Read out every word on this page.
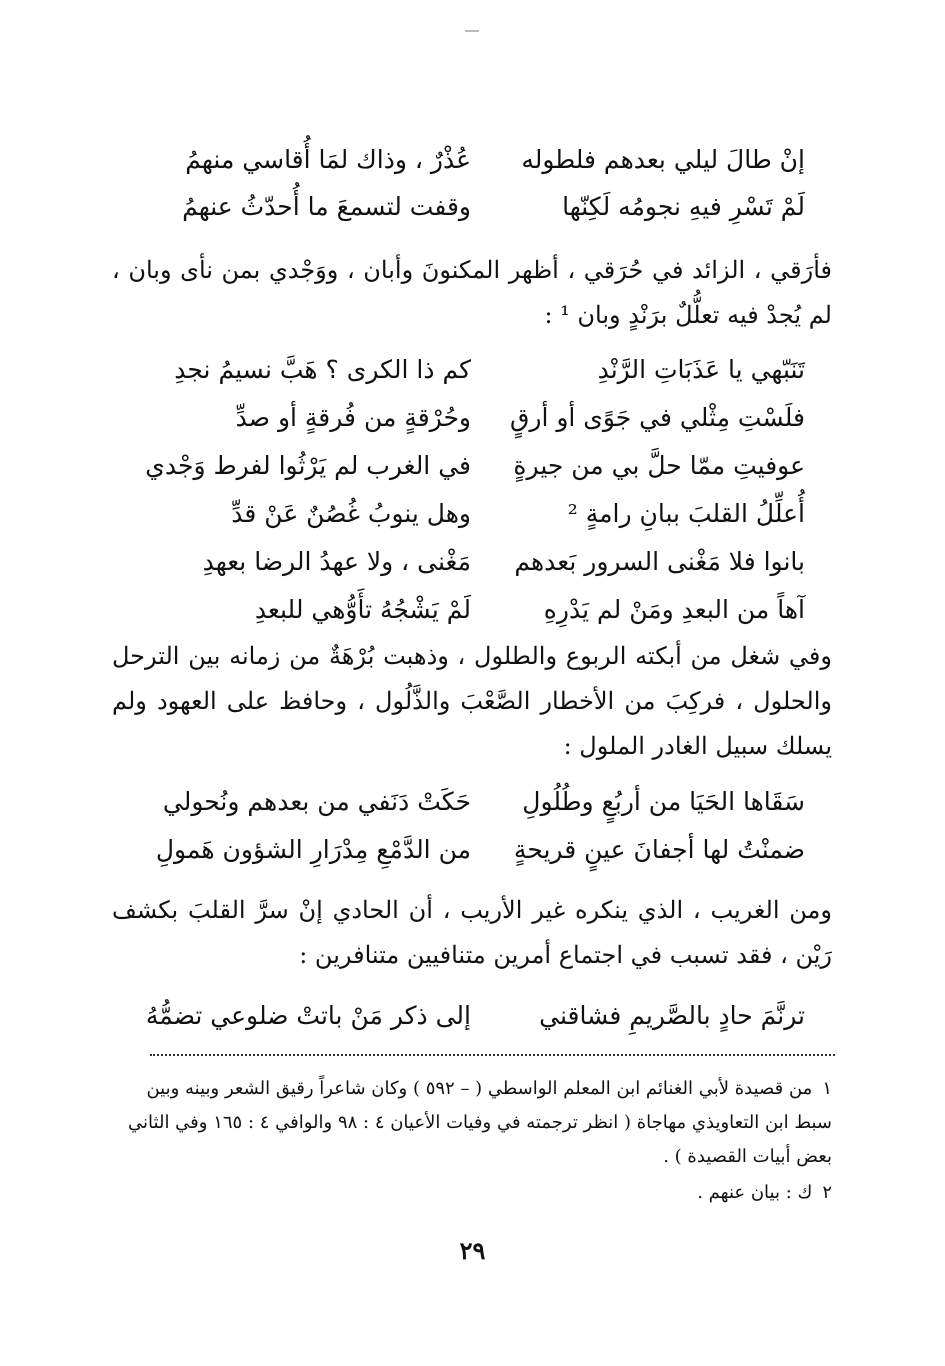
إنْ طالَ ليلي بعدهم فلطوله
عُذْرٌ ، وذاك لمَا أُقاسي منهمُ
لَمْ تَسْرِ فيهِ نجومُه لَكِنّها
وقفت لتسمعَ ما أُحدّثُ عنهمُ
فأرَقي ، الزائد في حُرَقي ، أظهر المكنونَ وأبان ، ووَجْدي بمن نأى وبان ، لم يُجدْ فيه تعلُّلٌ برَنْدٍ وبان ¹ :
تَنَبّهي يا عَذَبَاتِ الرَّنْدِ
كم ذا الكرى ؟ هَبَّ نسيمُ نجدِ
فلَسْتِ مِثْلي في جَوًى أو أرقٍ
وحُرْقةٍ من فُرقةٍ أو صدِّ
عوفيتِ ممّا حلَّ بي من جيرةٍ
في الغرب لم يَرْثُوا لفرط وَجْدي
أُعلِّلُ القلبَ ببانِ رامةٍ ²
وهل ينوبُ غُصُنٌ عَنْ قدِّ
بانوا فلا مَغْنى السرور بَعدهم
مَغْنى ، ولا عهدُ الرضا بعهدِ
آهاً من البعدِ ومَنْ لم يَدْرِهِ
لَمْ يَشْجُهُ تأَوُّهي للبعدِ
وفي شغل من أبكته الربوع والطلول ، وذهبت بُرْهَةٌ من زمانه بين الترحل والحلول ، فركِبَ من الأخطار الصَّعْبَ والذَّلُول ، وحافظ على العهود ولم يسلك سبيل الغادر الملول :
سَقَاها الحَيَا من أربُعٍ وطُلُولِ
حَكَتْ دَنَفي من بعدهم ونُحولي
ضمنْتُ لها أجفانَ عينٍ قريحةٍ
من الدَّمْعِ مِدْرَارِ الشؤون هَمولِ
ومن الغريب ، الذي ينكره غير الأريب ، أن الحادي إنْ سرَّ القلبَ بكشف رَيْن ، فقد تسبب في اجتماع أمرين متنافيين متنافرين :
ترنَّمَ حادٍ بالصَّريمِ فشاقني
إلى ذكر مَنْ باتتْ ضلوعي تضمُّهُ
١من قصيدة لأبي الغنائم ابن المعلم الواسطي ( – ٥٩٢ ) وكان شاعراً رقيق الشعر وبينه وبين سبط ابن التعاويذي مهاجاة ( انظر ترجمته في وفيات الأعيان ٤ : ٩٨ والوافي ٤ : ١٦٥ وفي الثاني بعض أبيات القصيدة ) .
٢ك : بيان عنهم .
٢٩
